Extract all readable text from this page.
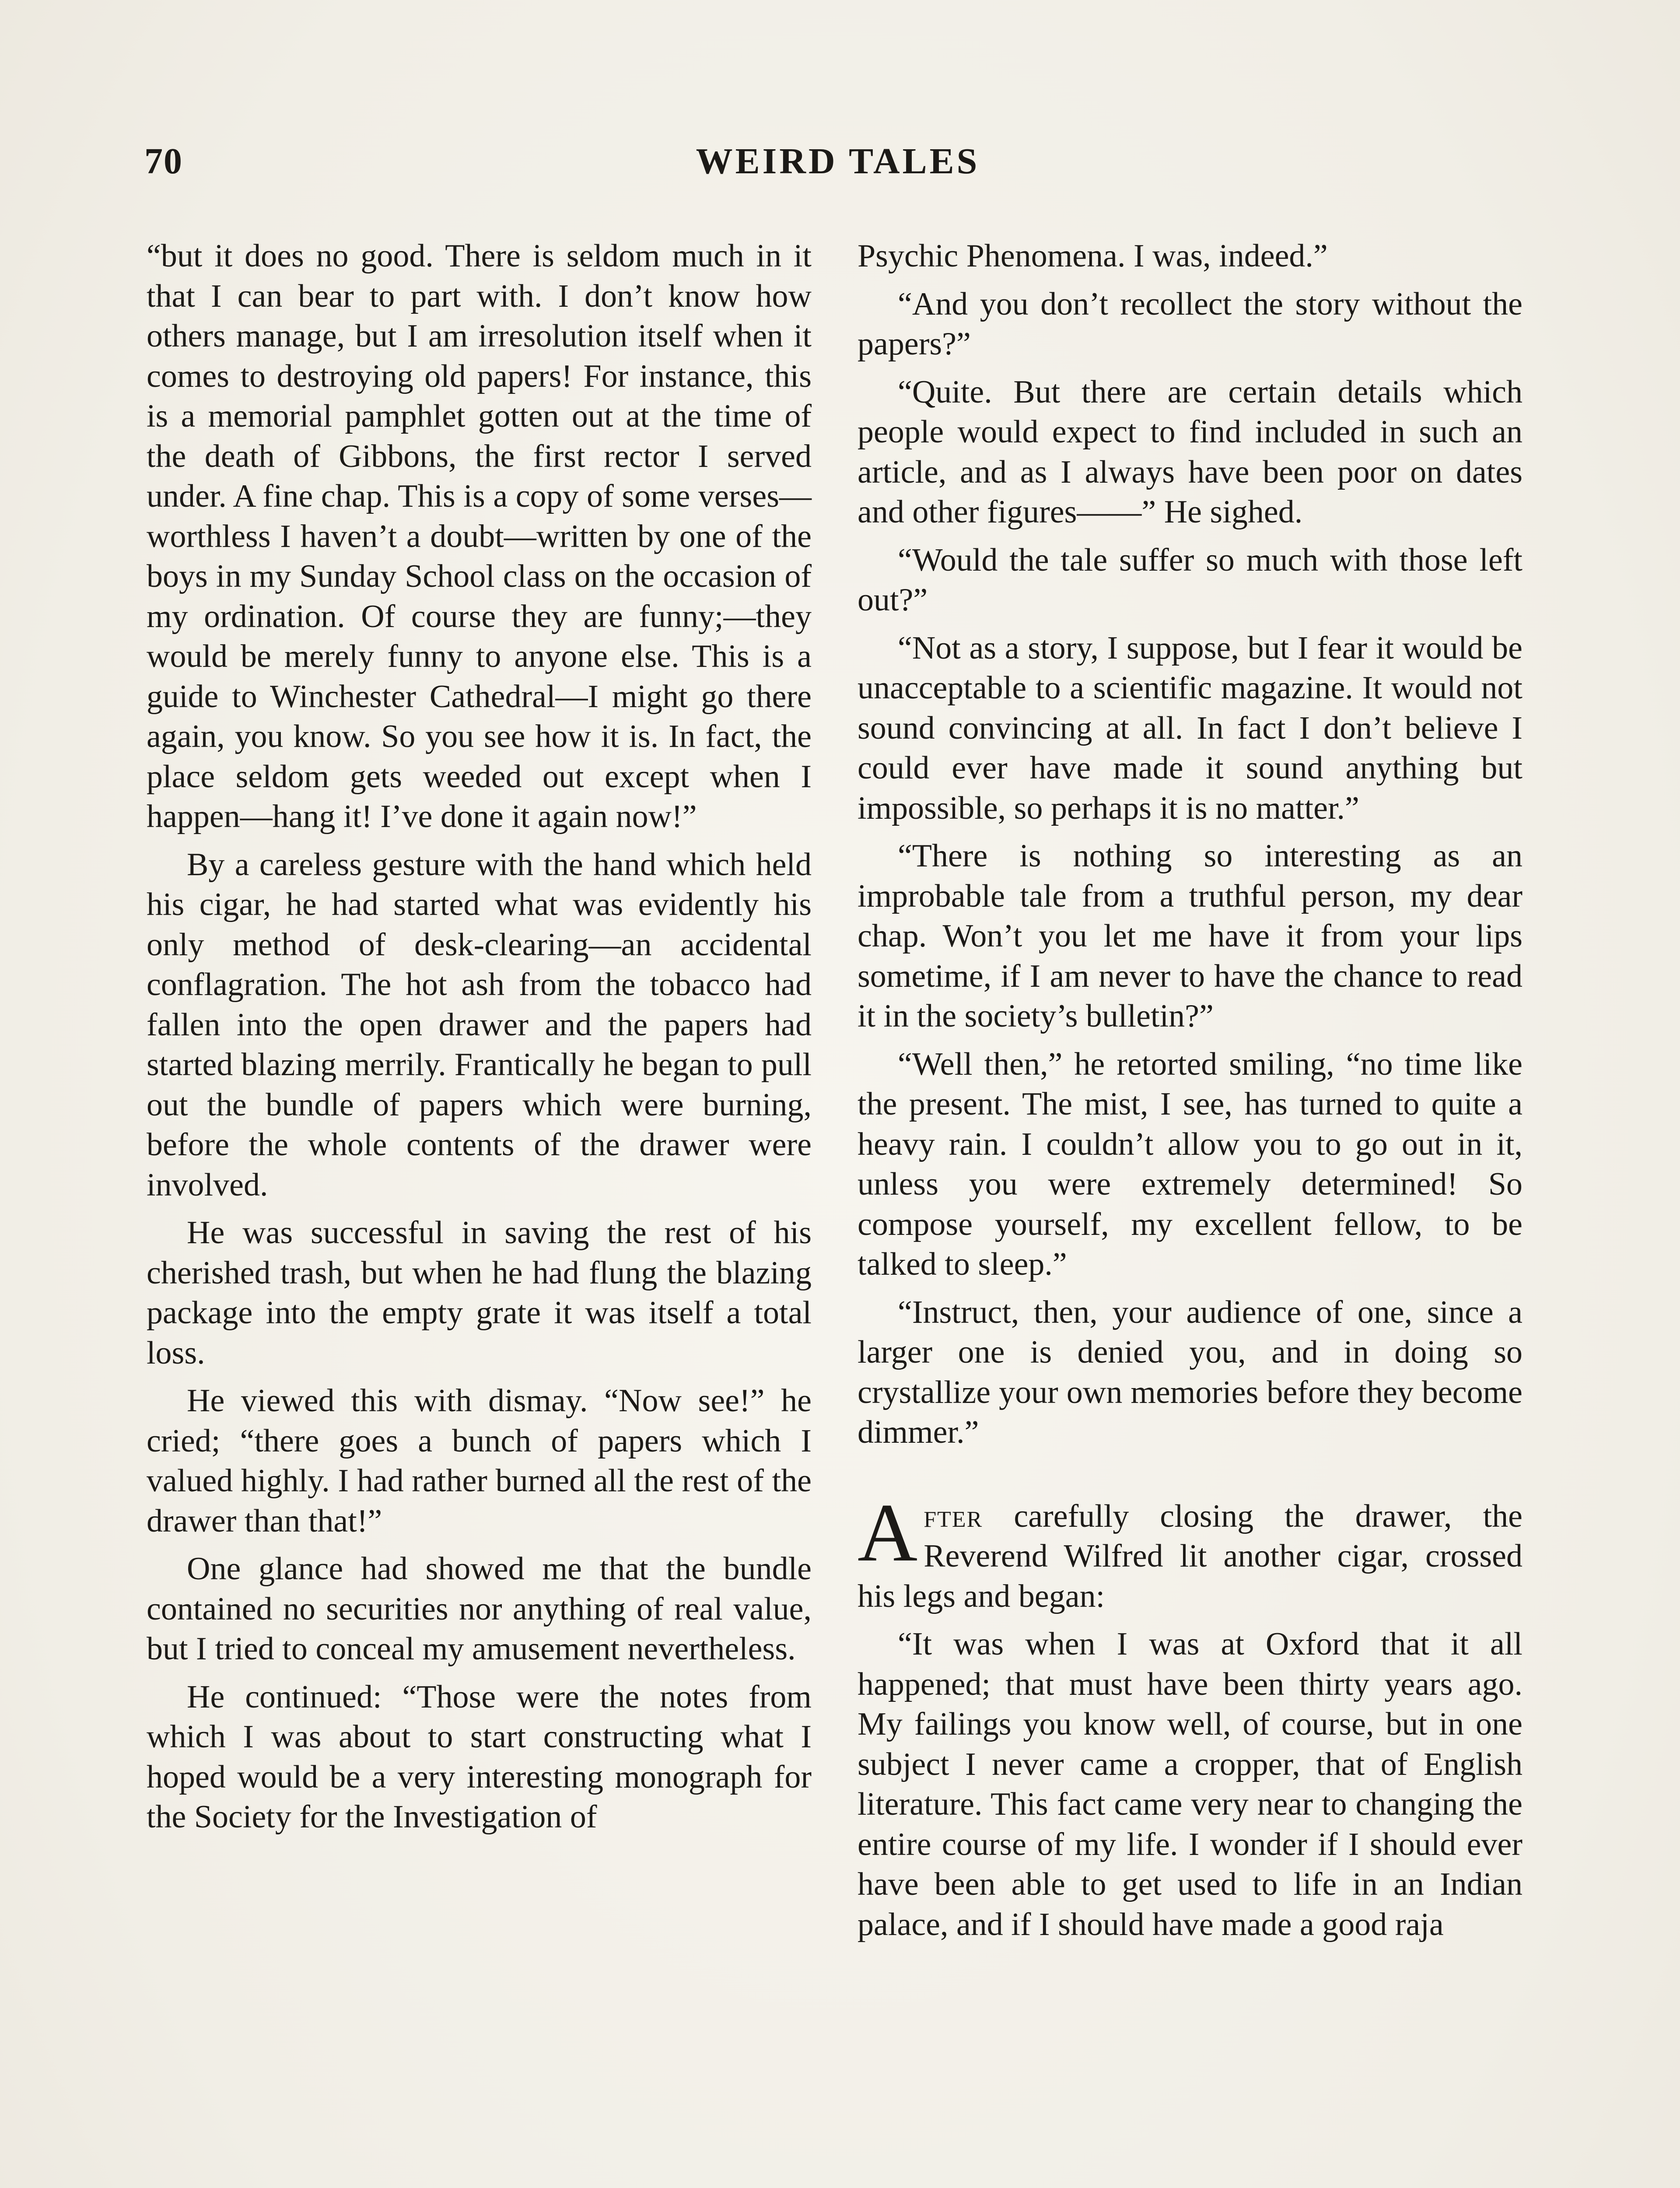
70	WEIRD TALES

“but it does no good. There is seldom much in it that I can bear to part with. I don’t know how others manage, but I am irresolution itself when it comes to destroying old papers! For instance, this is a memorial pamphlet gotten out at the time of the death of Gibbons, the first rector I served under. A fine chap. This is a copy of some verses—worthless I haven’t a doubt—written by one of the boys in my Sunday School class on the occasion of my ordination. Of course they are funny;—they would be merely funny to anyone else. This is a guide to Winchester Cathedral—I might go there again, you know. So you see how it is. In fact, the place seldom gets weeded out except when I happen—hang it! I’ve done it again now!”

By a careless gesture with the hand which held his cigar, he had started what was evidently his only method of desk-clearing—an accidental conflagration. The hot ash from the tobacco had fallen into the open drawer and the papers had started blazing merrily. Frantically he began to pull out the bundle of papers which were burning, before the whole contents of the drawer were involved.

He was successful in saving the rest of his cherished trash, but when he had flung the blazing package into the empty grate it was itself a total loss.

He viewed this with dismay. “Now see!” he cried; “there goes a bunch of papers which I valued highly. I had rather burned all the rest of the drawer than that!”

One glance had showed me that the bundle contained no securities nor anything of real value, but I tried to conceal my amusement nevertheless.

He continued: “Those were the notes from which I was about to start constructing what I hoped would be a very interesting monograph for the Society for the Investigation of

Psychic Phenomena. I was, indeed.”

“And you don’t recollect the story without the papers?”

“Quite. But there are certain details which people would expect to find included in such an article, and as I always have been poor on dates and other figures——” He sighed.

“Would the tale suffer so much with those left out?”

“Not as a story, I suppose, but I fear it would be unacceptable to a scientific magazine. It would not sound convincing at all. In fact I don’t believe I could ever have made it sound anything but impossible, so perhaps it is no matter.”

“There is nothing so interesting as an improbable tale from a truthful person, my dear chap. Won’t you let me have it from your lips sometime, if I am never to have the chance to read it in the society’s bulletin?”

“Well then,” he retorted smiling, “no time like the present. The mist, I see, has turned to quite a heavy rain. I couldn’t allow you to go out in it, unless you were extremely determined! So compose yourself, my excellent fellow, to be talked to sleep.”

“Instruct, then, your audience of one, since a larger one is denied you, and in doing so crystallize your own memories before they become dimmer.”

After carefully closing the drawer, the Reverend Wilfred lit another cigar, crossed his legs and began:

“It was when I was at Oxford that it all happened; that must have been thirty years ago. My failings you know well, of course, but in one subject I never came a cropper, that of English literature. This fact came very near to changing the entire course of my life. I wonder if I should ever have been able to get used to life in an Indian palace, and if I should have made a good raja
